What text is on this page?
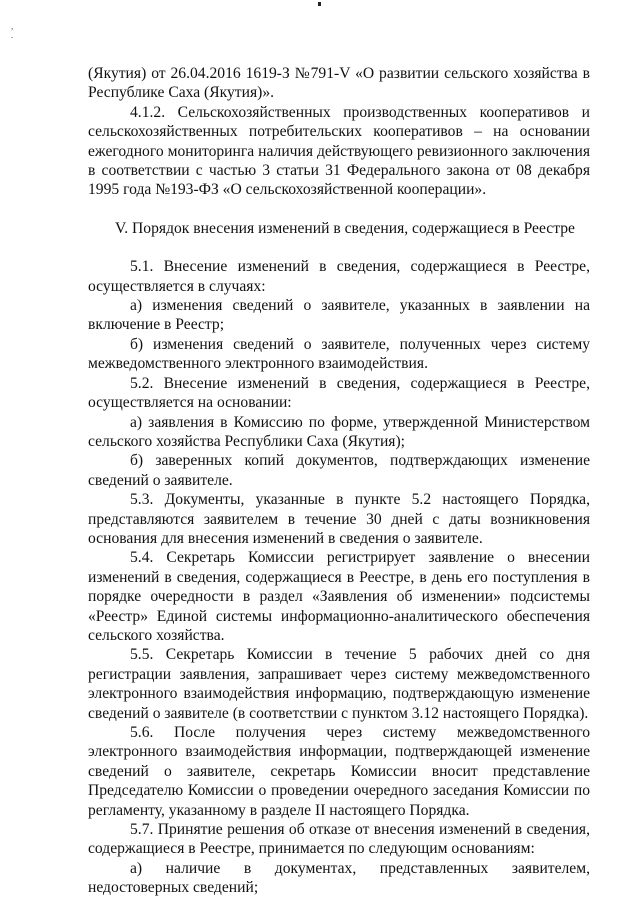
,
.

(Якутия) от 26.04.2016 1619-З №791-V «О развитии сельского хозяйства в Республике Саха (Якутия)».

4.1.2. Сельскохозяйственных производственных кооперативов и сельскохозяйственных потребительских кооперативов – на основании ежегодного мониторинга наличия действующего ревизионного заключения в соответствии с частью 3 статьи 31 Федерального закона от 08 декабря 1995 года №193-ФЗ «О сельскохозяйственной кооперации».

V. Порядок внесения изменений в сведения, содержащиеся в Реестре

5.1. Внесение изменений в сведения, содержащиеся в Реестре, осуществляется в случаях:

а) изменения сведений о заявителе, указанных в заявлении на включение в Реестр;

б) изменения сведений о заявителе, полученных через систему межведомственного электронного взаимодействия.

5.2. Внесение изменений в сведения, содержащиеся в Реестре, осуществляется на основании:

а) заявления в Комиссию по форме, утвержденной Министерством сельского хозяйства Республики Саха (Якутия);

б) заверенных копий документов, подтверждающих изменение сведений о заявителе.

5.3. Документы, указанные в пункте 5.2 настоящего Порядка, представляются заявителем в течение 30 дней с даты возникновения основания для внесения изменений в сведения о заявителе.

5.4. Секретарь Комиссии регистрирует заявление о внесении изменений в сведения, содержащиеся в Реестре, в день его поступления в порядке очередности в раздел «Заявления об изменении» подсистемы «Реестр» Единой системы информационно-аналитического обеспечения сельского хозяйства.

5.5. Секретарь Комиссии в течение 5 рабочих дней со дня регистрации заявления, запрашивает через систему межведомственного электронного взаимодействия информацию, подтверждающую изменение сведений о заявителе (в соответствии с пунктом 3.12 настоящего Порядка).

5.6. После получения через систему межведомственного электронного взаимодействия информации, подтверждающей изменение сведений о заявителе, секретарь Комиссии вносит представление Председателю Комиссии о проведении очередного заседания Комиссии по регламенту, указанному в разделе II настоящего Порядка.

5.7. Принятие решения об отказе от внесения изменений в сведения, содержащиеся в Реестре, принимается по следующим основаниям:

а) наличие в документах, представленных заявителем, недостоверных сведений;
